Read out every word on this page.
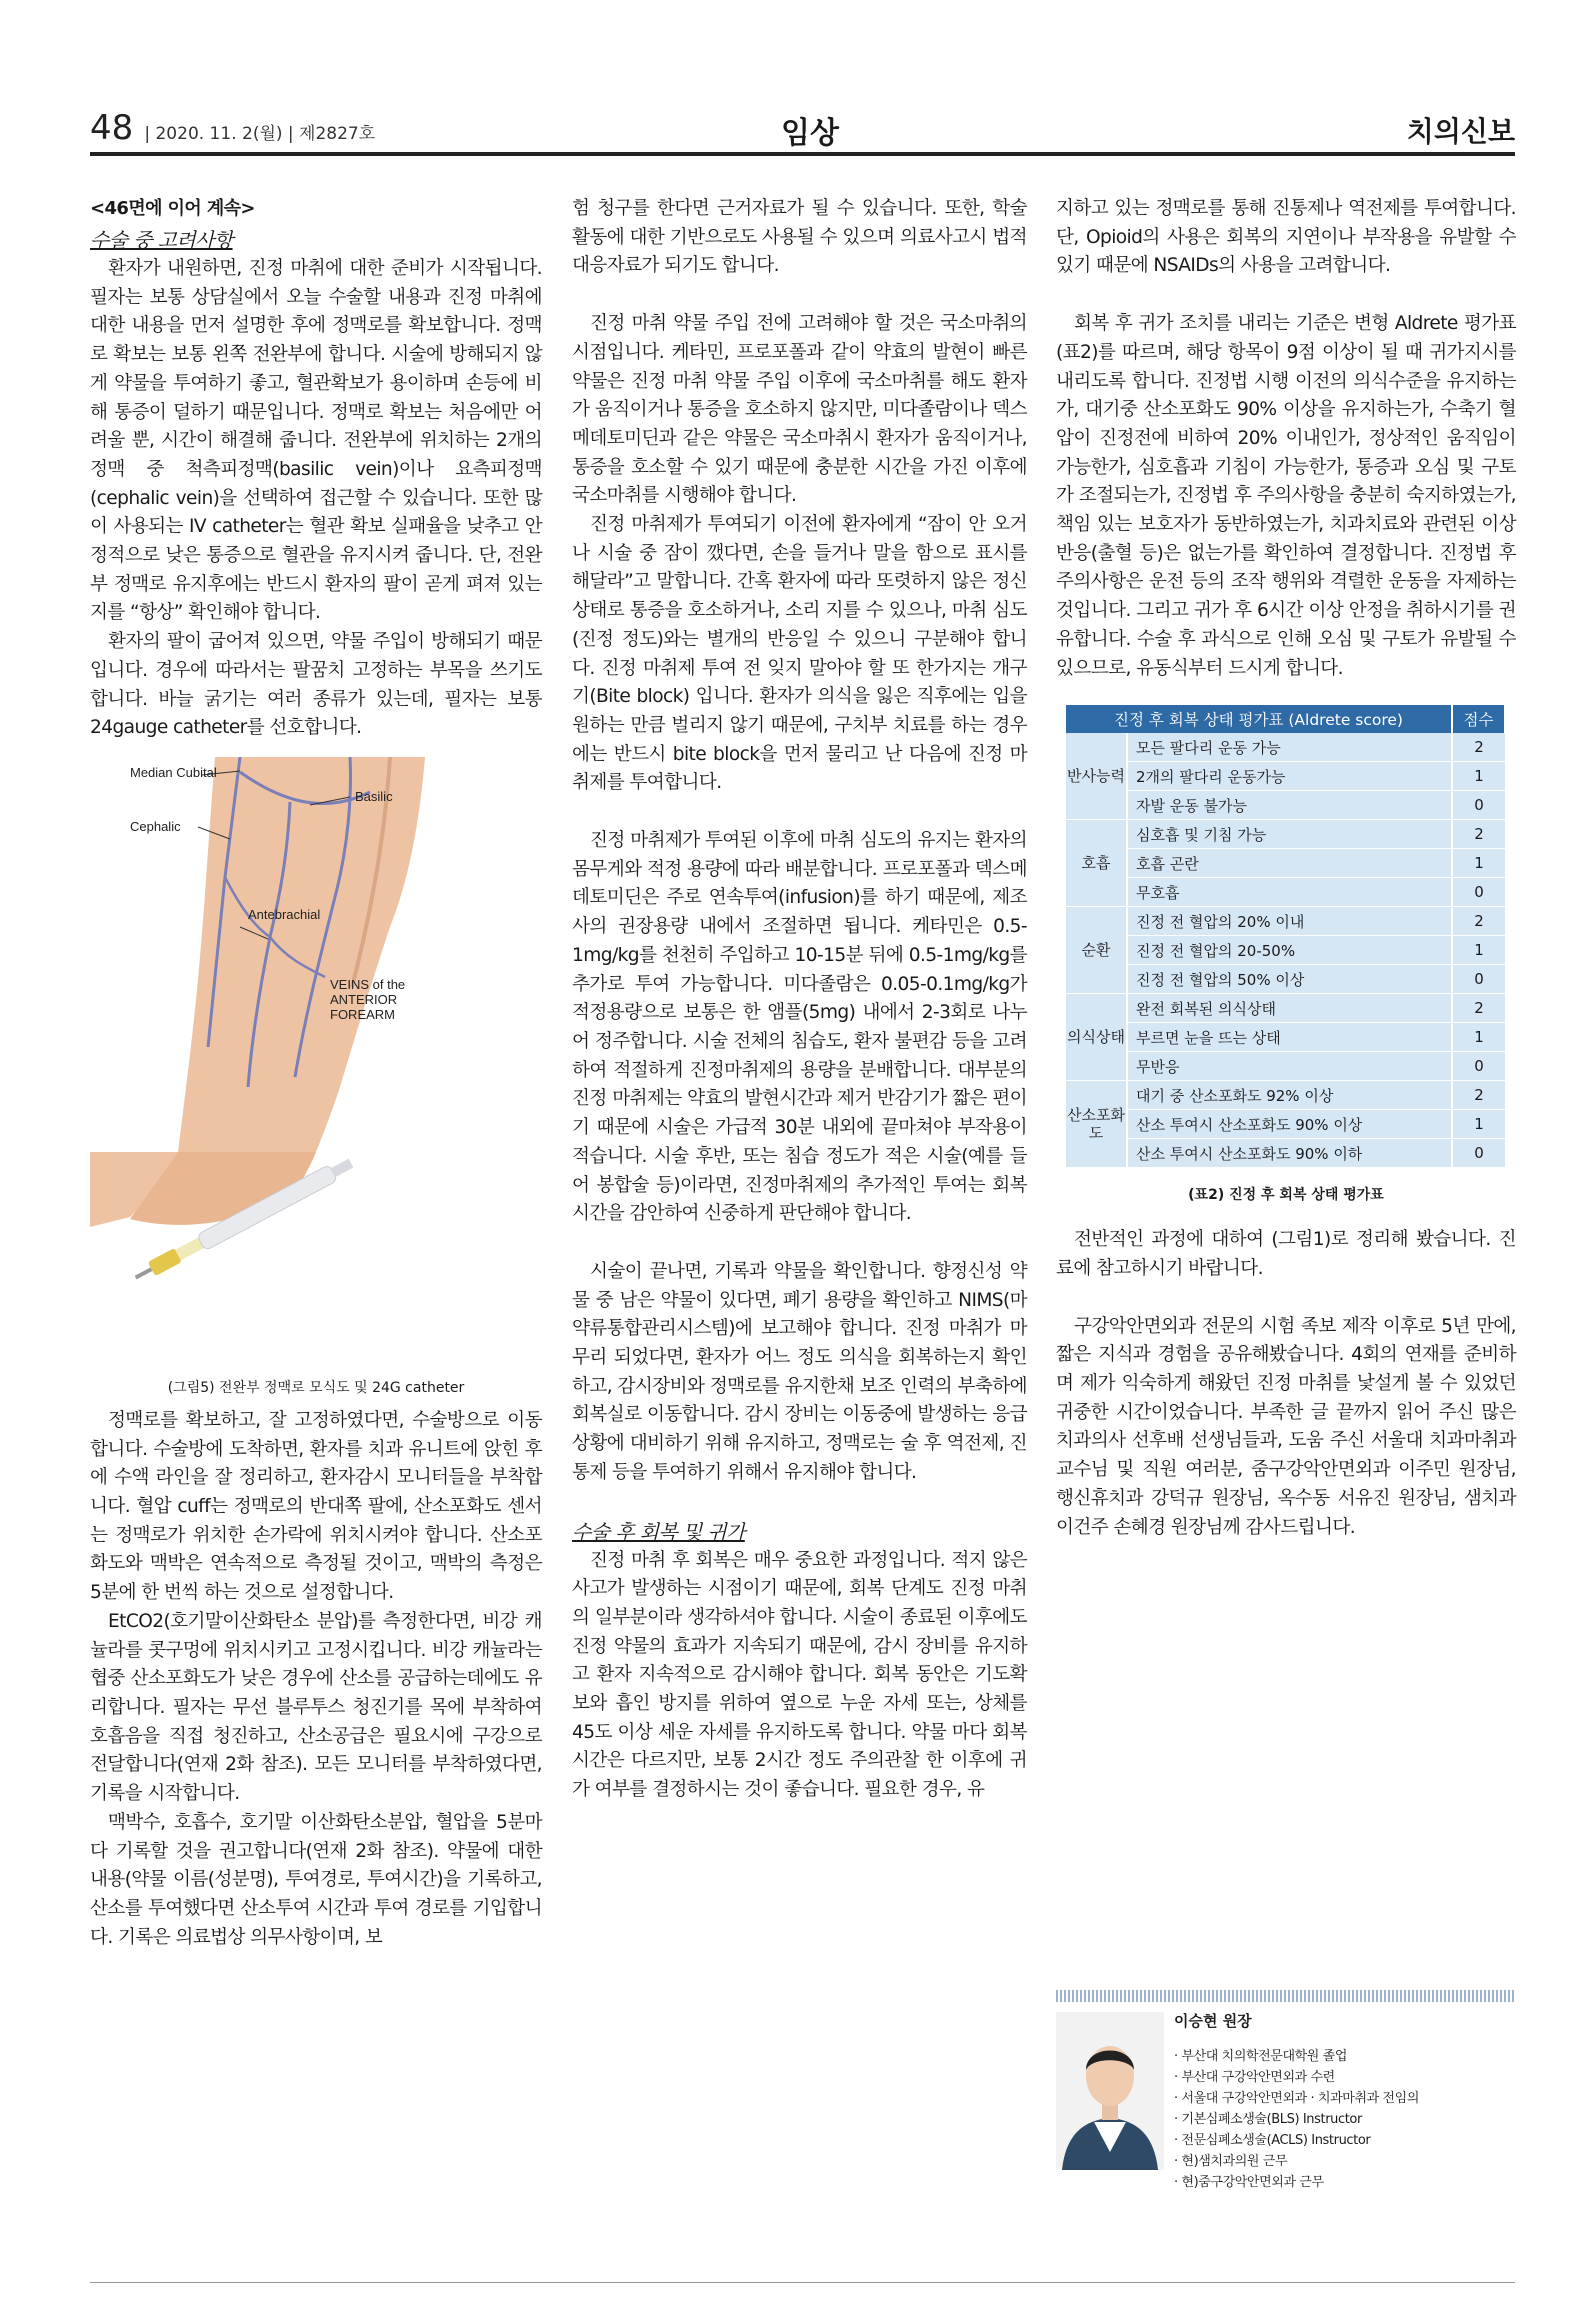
48 | 2020. 11. 2(월) | 제2827호	임상	치의신보

<46면에 이어 계속>

수술 중 고려사항

환자가 내원하면, 진정 마취에 대한 준비가 시작됩니다. 필자는 보통 상담실에서 오늘 수술할 내용과 진정 마취에 대한 내용을 먼저 설명한 후에 정맥로를 확보합니다. 정맥로 확보는 보통 왼쪽 전완부에 합니다. 시술에 방해되지 않게 약물을 투여하기 좋고, 혈관확보가 용이하며 손등에 비해 통증이 덜하기 때문입니다. 정맥로 확보는 처음에만 어려울 뿐, 시간이 해결해 줍니다. 전완부에 위치하는 2개의 정맥 중 척측피정맥(basilic vein)이나 요측피정맥(cephalic vein)을 선택하여 접근할 수 있습니다. 또한 많이 사용되는 IV catheter는 혈관 확보 실패율을 낮추고 안정적으로 낮은 통증으로 혈관을 유지시켜 줍니다. 단, 전완부 정맥로 유지후에는 반드시 환자의 팔이 곧게 펴져 있는지를 “항상” 확인해야 합니다.

환자의 팔이 굽어져 있으면, 약물 주입이 방해되기 때문입니다. 경우에 따라서는 팔꿈치 고정하는 부목을 쓰기도 합니다. 바늘 굵기는 여러 종류가 있는데, 필자는 보통 24gauge catheter를 선호합니다.

Median Cubital
Basilic
Cephalic
Antebrachial
VEINS of the ANTERIOR FOREARM
(그림5) 전완부 정맥로 모식도 및 24G catheter

정맥로를 확보하고, 잘 고정하였다면, 수술방으로 이동합니다. 수술방에 도착하면, 환자를 치과 유니트에 앉힌 후에 수액 라인을 잘 정리하고, 환자감시 모니터들을 부착합니다. 혈압 cuff는 정맥로의 반대쪽 팔에, 산소포화도 센서는 정맥로가 위치한 손가락에 위치시켜야 합니다. 산소포화도와 맥박은 연속적으로 측정될 것이고, 맥박의 측정은 5분에 한 번씩 하는 것으로 설정합니다.

EtCO2(호기말이산화탄소 분압)를 측정한다면, 비강 캐뉼라를 콧구멍에 위치시키고 고정시킵니다. 비강 캐뉼라는 협중 산소포화도가 낮은 경우에 산소를 공급하는데에도 유리합니다. 필자는 무선 블루투스 청진기를 목에 부착하여 호흡음을 직접 청진하고, 산소공급은 필요시에 구강으로 전달합니다(연재 2화 참조). 모든 모니터를 부착하였다면, 기록을 시작합니다.

맥박수, 호흡수, 호기말 이산화탄소분압, 혈압을 5분마다 기록할 것을 권고합니다(연재 2화 참조). 약물에 대한 내용(약물 이름(성분명), 투여경로, 투여시간)을 기록하고, 산소를 투여했다면 산소투여 시간과 투여 경로를 기입합니다. 기록은 의료법상 의무사항이며, 보

험 청구를 한다면 근거자료가 될 수 있습니다. 또한, 학술 활동에 대한 기반으로도 사용될 수 있으며 의료사고시 법적 대응자료가 되기도 합니다.

진정 마취 약물 주입 전에 고려해야 할 것은 국소마취의 시점입니다. 케타민, 프로포폴과 같이 약효의 발현이 빠른 약물은 진정 마취 약물 주입 이후에 국소마취를 해도 환자가 움직이거나 통증을 호소하지 않지만, 미다졸람이나 덱스메데토미딘과 같은 약물은 국소마취시 환자가 움직이거나, 통증을 호소할 수 있기 때문에 충분한 시간을 가진 이후에 국소마취를 시행해야 합니다.

진정 마취제가 투여되기 이전에 환자에게 “잠이 안 오거나 시술 중 잠이 깼다면, 손을 들거나 말을 함으로 표시를 해달라”고 말합니다. 간혹 환자에 따라 또렷하지 않은 정신상태로 통증을 호소하거나, 소리 지를 수 있으나, 마취 심도(진정 정도)와는 별개의 반응일 수 있으니 구분해야 합니다. 진정 마취제 투여 전 잊지 말아야 할 또 한가지는 개구기(Bite block) 입니다. 환자가 의식을 잃은 직후에는 입을 원하는 만큼 벌리지 않기 때문에, 구치부 치료를 하는 경우에는 반드시 bite block을 먼저 물리고 난 다음에 진정 마취제를 투여합니다.

진정 마취제가 투여된 이후에 마취 심도의 유지는 환자의 몸무게와 적정 용량에 따라 배분합니다. 프로포폴과 덱스메데토미딘은 주로 연속투여(infusion)를 하기 때문에, 제조사의 권장용량 내에서 조절하면 됩니다. 케타민은 0.5-1mg/kg를 천천히 주입하고 10-15분 뒤에 0.5-1mg/kg를 추가로 투여 가능합니다. 미다졸람은 0.05-0.1mg/kg가 적정용량으로 보통은 한 앰플(5mg) 내에서 2-3회로 나누어 정주합니다. 시술 전체의 침습도, 환자 불편감 등을 고려하여 적절하게 진정마취제의 용량을 분배합니다. 대부분의 진정 마취제는 약효의 발현시간과 제거 반감기가 짧은 편이기 때문에 시술은 가급적 30분 내외에 끝마쳐야 부작용이 적습니다. 시술 후반, 또는 침습 정도가 적은 시술(예를 들어 봉합술 등)이라면, 진정마취제의 추가적인 투여는 회복시간을 감안하여 신중하게 판단해야 합니다.

시술이 끝나면, 기록과 약물을 확인합니다. 향정신성 약물 중 남은 약물이 있다면, 폐기 용량을 확인하고 NIMS(마약류통합관리시스템)에 보고해야 합니다. 진정 마취가 마무리 되었다면, 환자가 어느 정도 의식을 회복하는지 확인하고, 감시장비와 정맥로를 유지한채 보조 인력의 부축하에 회복실로 이동합니다. 감시 장비는 이동중에 발생하는 응급상황에 대비하기 위해 유지하고, 정맥로는 술 후 역전제, 진통제 등을 투여하기 위해서 유지해야 합니다.

수술 후 회복 및 귀가

진정 마취 후 회복은 매우 중요한 과정입니다. 적지 않은 사고가 발생하는 시점이기 때문에, 회복 단계도 진정 마취의 일부분이라 생각하셔야 합니다. 시술이 종료된 이후에도 진정 약물의 효과가 지속되기 때문에, 감시 장비를 유지하고 환자 지속적으로 감시해야 합니다. 회복 동안은 기도확보와 흡인 방지를 위하여 옆으로 누운 자세 또는, 상체를 45도 이상 세운 자세를 유지하도록 합니다. 약물 마다 회복시간은 다르지만, 보통 2시간 정도 주의관찰 한 이후에 귀가 여부를 결정하시는 것이 좋습니다. 필요한 경우, 유

지하고 있는 정맥로를 통해 진통제나 역전제를 투여합니다. 단, Opioid의 사용은 회복의 지연이나 부작용을 유발할 수 있기 때문에 NSAIDs의 사용을 고려합니다.

회복 후 귀가 조치를 내리는 기준은 변형 Aldrete 평가표(표2)를 따르며, 해당 항목이 9점 이상이 될 때 귀가지시를 내리도록 합니다. 진정법 시행 이전의 의식수준을 유지하는가, 대기중 산소포화도 90% 이상을 유지하는가, 수축기 혈압이 진정전에 비하여 20% 이내인가, 정상적인 움직임이 가능한가, 심호흡과 기침이 가능한가, 통증과 오심 및 구토가 조절되는가, 진정법 후 주의사항을 충분히 숙지하였는가, 책임 있는 보호자가 동반하였는가, 치과치료와 관련된 이상 반응(출혈 등)은 없는가를 확인하여 결정합니다. 진정법 후 주의사항은 운전 등의 조작 행위와 격렬한 운동을 자제하는 것입니다. 그리고 귀가 후 6시간 이상 안정을 취하시기를 권유합니다. 수술 후 과식으로 인해 오심 및 구토가 유발될 수 있으므로, 유동식부터 드시게 합니다.

진정 후 회복 상태 평가표 (Aldrete score)		점수
반사능력	모든 팔다리 운동 가능	2
	2개의 팔다리 운동가능	1
	자발 운동 불가능	0
호흡	심호흡 및 기침 가능	2
	호흡 곤란	1
	무호흡	0
순환	진정 전 혈압의 20% 이내	2
	진정 전 혈압의 20-50%	1
	진정 전 혈압의 50% 이상	0
의식상태	완전 회복된 의식상태	2
	부르면 눈을 뜨는 상태	1
	무반응	0
산소포화도	대기 중 산소포화도 92% 이상	2
	산소 투여시 산소포화도 90% 이상	1
	산소 투여시 산소포화도 90% 이하	0
(표2) 진정 후 회복 상태 평가표

전반적인 과정에 대하여 (그림1)로 정리해 봤습니다. 진료에 참고하시기 바랍니다.

구강악안면외과 전문의 시험 족보 제작 이후로 5년 만에, 짧은 지식과 경험을 공유해봤습니다. 4회의 연재를 준비하며 제가 익숙하게 해왔던 진정 마취를 낯설게 볼 수 있었던 귀중한 시간이었습니다. 부족한 글 끝까지 읽어 주신 많은 치과의사 선후배 선생님들과, 도움 주신 서울대 치과마취과 교수님 및 직원 여러분, 줌구강악안면외과 이주민 원장님, 행신휴치과 강덕규 원장님, 옥수동 서유진 원장님, 샘치과 이건주 손혜경 원장님께 감사드립니다.

이승현 원장
· 부산대 치의학전문대학원 졸업
· 부산대 구강악안면외과 수련
· 서울대 구강악안면외과 · 치과마취과 전임의
· 기본심폐소생술(BLS) Instructor
· 전문심폐소생술(ACLS) Instructor
· 현)샘치과의원 근무
· 현)줌구강악안면외과 근무
